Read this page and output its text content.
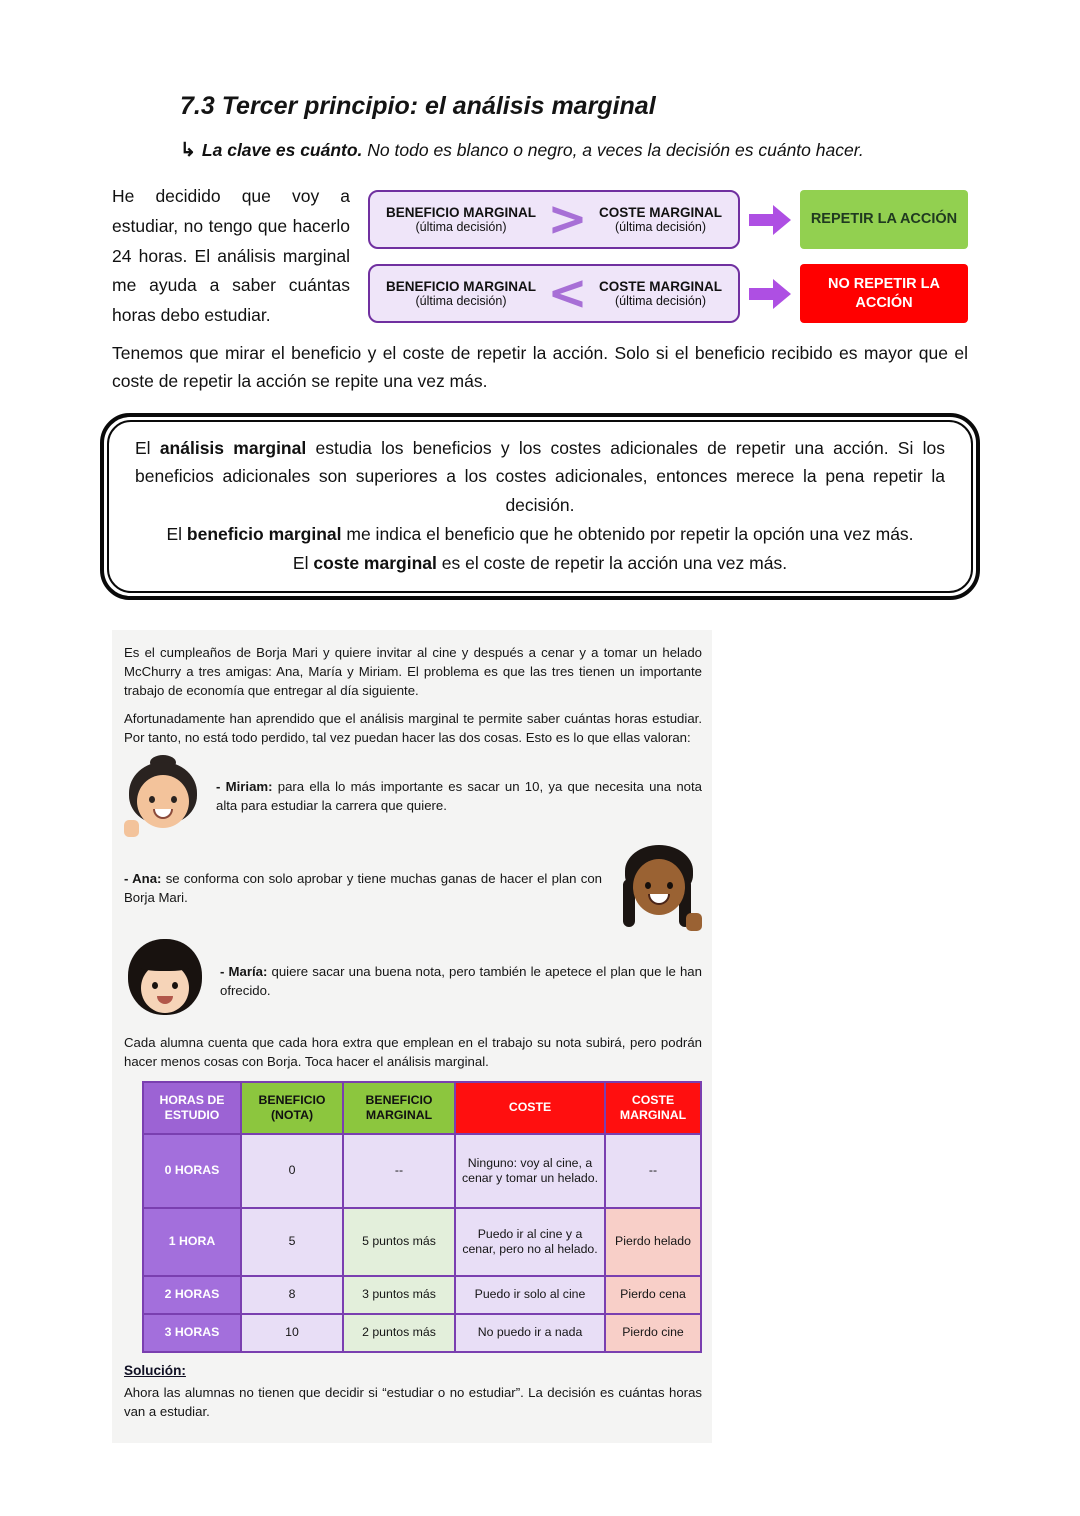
7.3 Tercer principio: el análisis marginal
↳ La clave es cuánto. No todo es blanco o negro, a veces la decisión es cuánto hacer.

He decidido que voy a estudiar, no tengo que hacerlo 24 horas. El análisis marginal me ayuda a saber cuántas horas debo estudiar.

BENEFICIO MARGINAL
(última decisión) > COSTE MARGINAL
(última decisión)	REPETIR LA ACCIÓN
BENEFICIO MARGINAL
(última decisión) < COSTE MARGINAL
(última decisión)
NO REPETIR LA ACCIÓN

Tenemos que mirar el beneficio y el coste de repetir la acción. Solo si el beneficio recibido es mayor que el coste de repetir la acción se repite una vez más.

El análisis marginal estudia los beneficios y los costes adicionales de repetir una acción. Si los beneficios adicionales son superiores a los costes adicionales, entonces merece la pena repetir la decisión.

El beneficio marginal me indica el beneficio que he obtenido por repetir la opción una vez más.

El coste marginal es el coste de repetir la acción una vez más.

Es el cumpleaños de Borja Mari y quiere invitar al cine y después a cenar y a tomar un helado McChurry a tres amigas: Ana, María y Miriam. El problema es que las tres tienen un importante trabajo de economía que entregar al día siguiente.

Afortunadamente han aprendido que el análisis marginal te permite saber cuántas horas estudiar. Por tanto, no está todo perdido, tal vez puedan hacer las dos cosas. Esto es lo que ellas valoran:

- Miriam: para ella lo más importante es sacar un 10, ya que necesita una nota alta para estudiar la carrera que quiere.

- Ana: se conforma con solo aprobar y tiene muchas ganas de hacer el plan con Borja Mari.

- María: quiere sacar una buena nota, pero también le apetece el plan que le han ofrecido.

Cada alumna cuenta que cada hora extra que emplean en el trabajo su nota subirá, pero podrán hacer menos cosas con Borja. Toca hacer el análisis marginal.

HORAS DE ESTUDIO	BENEFICIO (NOTA)	BENEFICIO MARGINAL	COSTE	COSTE MARGINAL
0 HORAS	0	--	Ninguno: voy al cine, a cenar y tomar un helado.	--
1 HORA	5	5 puntos más	Puedo ir al cine y a cenar, pero no al helado.	Pierdo helado
2 HORAS	8	3 puntos más	Puedo ir solo al cine	Pierdo cena
3 HORAS	10	2 puntos más	No puedo ir a nada	Pierdo cine

Solución:

Ahora las alumnas no tienen que decidir si “estudiar o no estudiar”. La decisión es cuántas horas van a estudiar.
